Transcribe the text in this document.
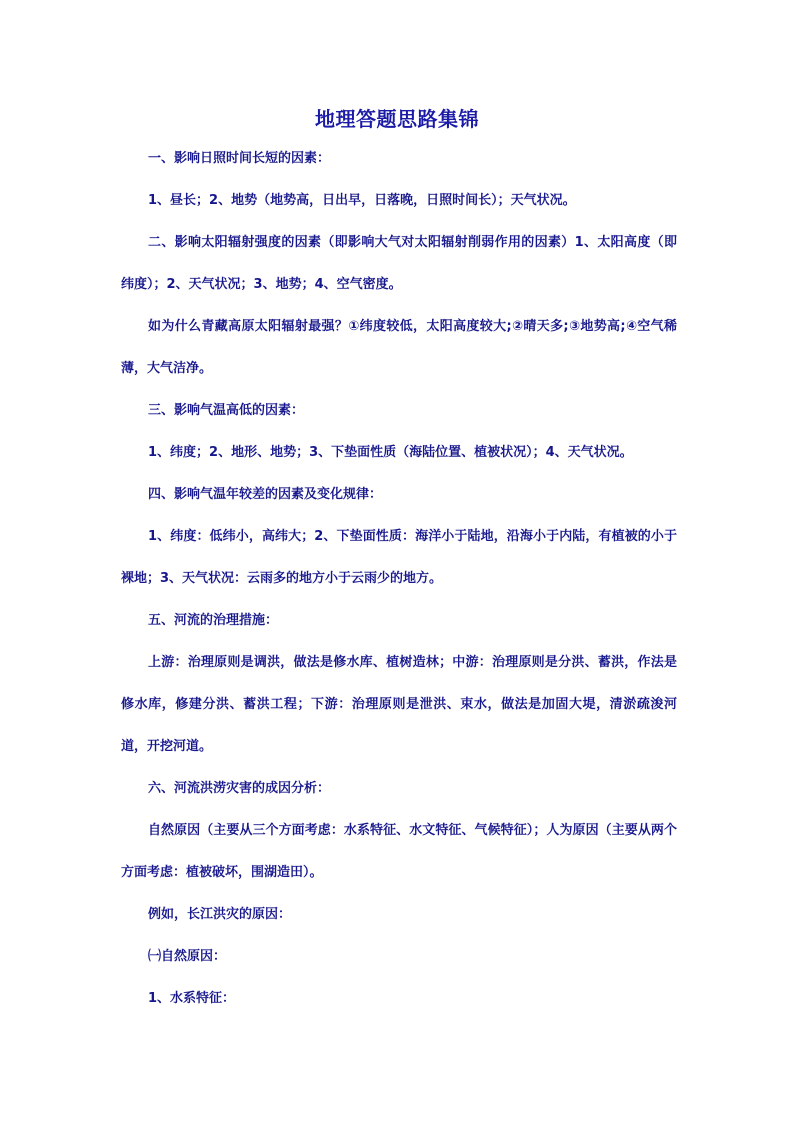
地理答题思路集锦

一、影响日照时间长短的因素：

1、昼长；2、地势（地势高，日出早，日落晚，日照时间长）；天气状况。

二、影响太阳辐射强度的因素（即影响大气对太阳辐射削弱作用的因素）1、太阳高度（即纬度）；2、天气状况；3、地势；4、空气密度。

如为什么青藏高原太阳辐射最强？①纬度较低，太阳高度较大;②晴天多;③地势高;④空气稀薄，大气洁净。

三、影响气温高低的因素：

1、纬度；2、地形、地势；3、下垫面性质（海陆位置、植被状况）；4、天气状况。

四、影响气温年较差的因素及变化规律：

1、纬度：低纬小，高纬大；2、下垫面性质：海洋小于陆地，沿海小于内陆，有植被的小于裸地；3、天气状况：云雨多的地方小于云雨少的地方。

五、河流的治理措施：

上游：治理原则是调洪，做法是修水库、植树造林；中游：治理原则是分洪、蓄洪，作法是修水库，修建分洪、蓄洪工程；下游：治理原则是泄洪、束水，做法是加固大堤，清淤疏浚河道，开挖河道。

六、河流洪涝灾害的成因分析：

自然原因（主要从三个方面考虑：水系特征、水文特征、气候特征）；人为原因（主要从两个方面考虑：植被破坏，围湖造田）。

例如，长江洪灾的原因：

㈠自然原因：

1、水系特征：
